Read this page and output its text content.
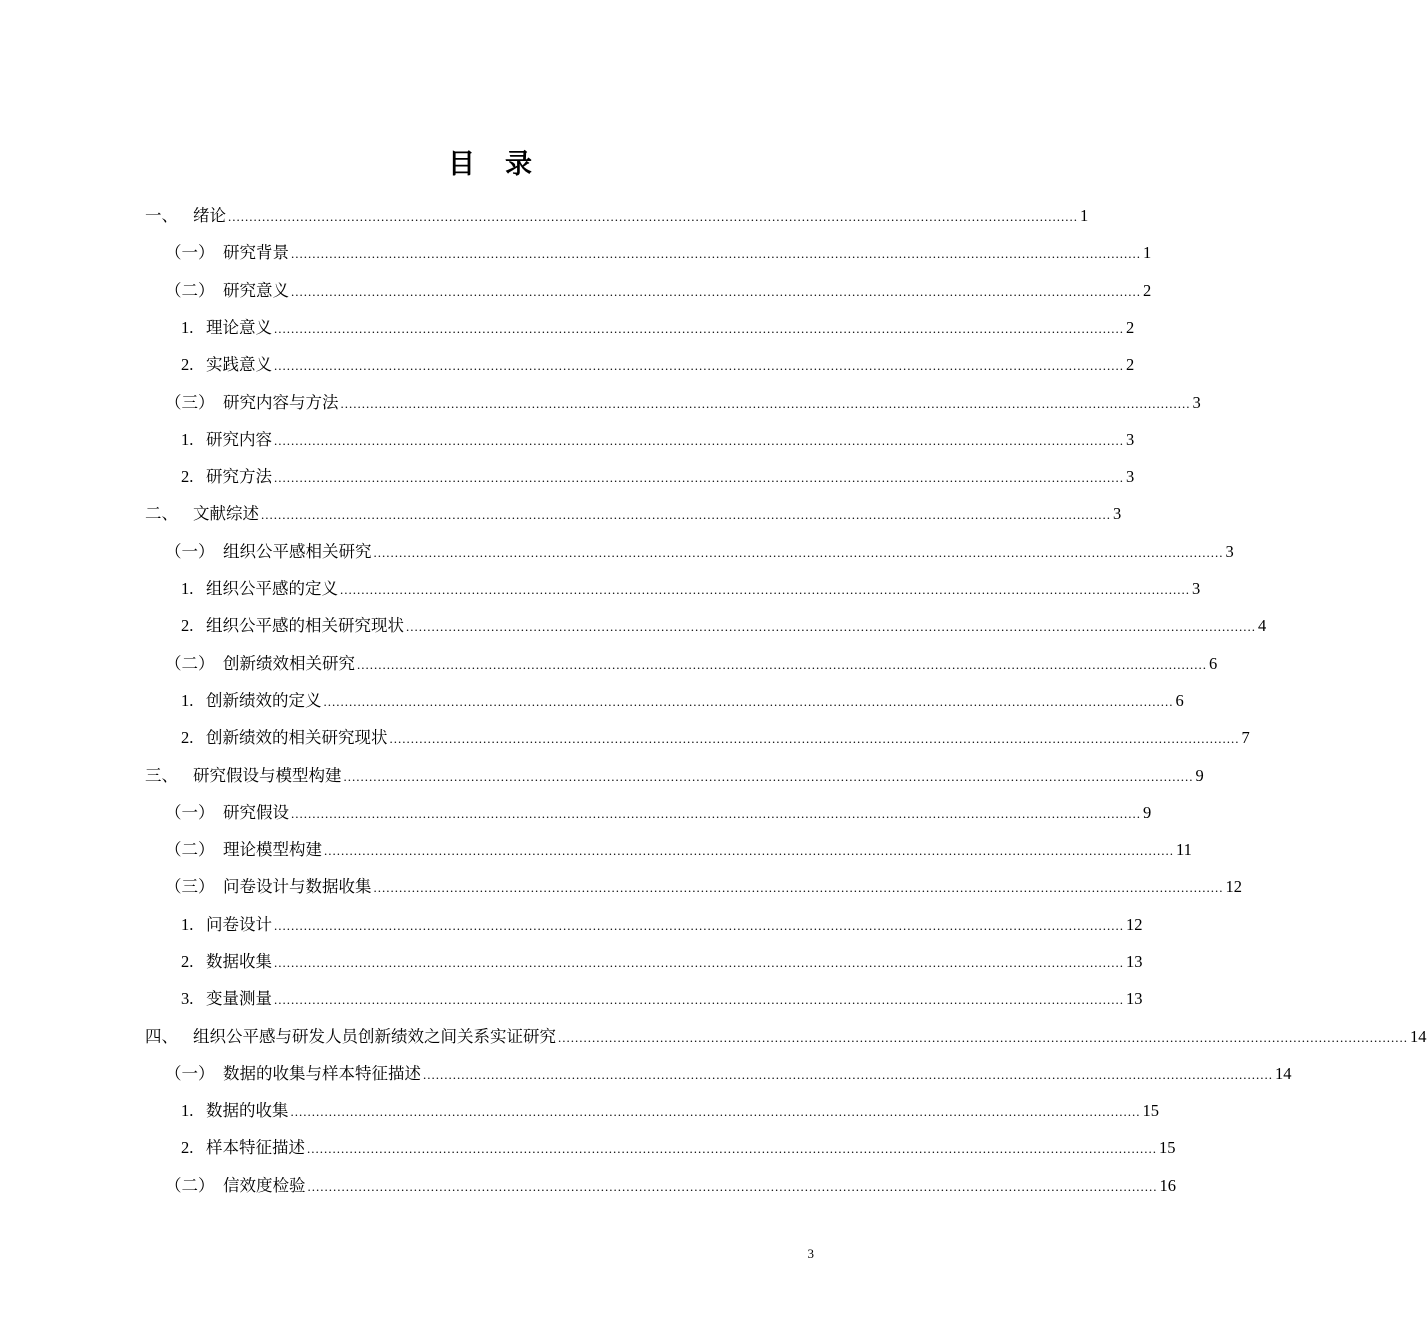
目录
一、 绪论 ........................................................................................................................................................................................................ 1
（一） 研究背景 ........................................................................................................................................................................................................ 1
（二） 研究意义 ........................................................................................................................................................................................................ 2
1. 理论意义 ........................................................................................................................................................................................................ 2
2. 实践意义 ........................................................................................................................................................................................................ 2
（三） 研究内容与方法 ........................................................................................................................................................................................................ 3
1. 研究内容 ........................................................................................................................................................................................................ 3
2. 研究方法 ........................................................................................................................................................................................................ 3
二、 文献综述 ........................................................................................................................................................................................................ 3
（一） 组织公平感相关研究 ........................................................................................................................................................................................................ 3
1. 组织公平感的定义 ........................................................................................................................................................................................................ 3
2. 组织公平感的相关研究现状 ........................................................................................................................................................................................................ 4
（二） 创新绩效相关研究 ........................................................................................................................................................................................................ 6
1. 创新绩效的定义 ........................................................................................................................................................................................................ 6
2. 创新绩效的相关研究现状 ........................................................................................................................................................................................................ 7
三、 研究假设与模型构建 ........................................................................................................................................................................................................ 9
（一） 研究假设 ........................................................................................................................................................................................................ 9
（二） 理论模型构建 ........................................................................................................................................................................................................ 11
（三） 问卷设计与数据收集 ........................................................................................................................................................................................................ 12
1. 问卷设计 ........................................................................................................................................................................................................ 12
2. 数据收集 ........................................................................................................................................................................................................ 13
3. 变量测量 ........................................................................................................................................................................................................ 13
四、 组织公平感与研发人员创新绩效之间关系实证研究 ........................................................................................................................................................................................................ 14
（一） 数据的收集与样本特征描述 ........................................................................................................................................................................................................ 14
1. 数据的收集 ........................................................................................................................................................................................................ 15
2. 样本特征描述 ........................................................................................................................................................................................................ 15
（二） 信效度检验 ........................................................................................................................................................................................................ 16
3
